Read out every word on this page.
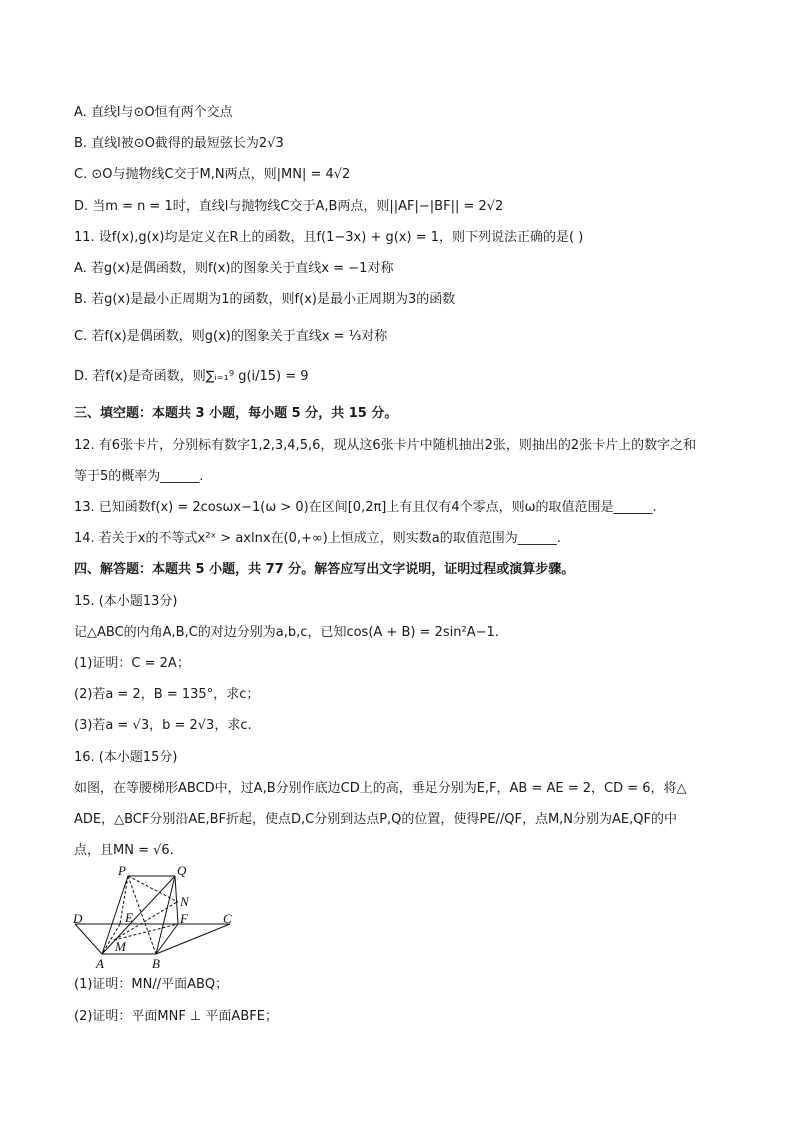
A. 直线l与⊙O恒有两个交点
B. 直线l被⊙O截得的最短弦长为2√3
C. ⊙O与抛物线C交于M,N两点，则|MN| = 4√2
D. 当m = n = 1时，直线l与抛物线C交于A,B两点，则||AF|−|BF|| = 2√2
11. 设f(x),g(x)均是定义在R上的函数，且f(1−3x) + g(x) = 1，则下列说法正确的是( )
A. 若g(x)是偶函数，则f(x)的图象关于直线x = −1对称
B. 若g(x)是最小正周期为1的函数，则f(x)是最小正周期为3的函数
C. 若f(x)是偶函数，则g(x)的图象关于直线x = ⅓对称
D. 若f(x)是奇函数，则∑ᵢ₌₁⁹ g(i/15) = 9
三、填空题：本题共 3 小题，每小题 5 分，共 15 分。
12. 有6张卡片，分别标有数字1,2,3,4,5,6，现从这6张卡片中随机抽出2张，则抽出的2张卡片上的数字之和
等于5的概率为______.
13. 已知函数f(x) = 2cosωx−1(ω > 0)在区间[0,2π]上有且仅有4个零点，则ω的取值范围是______.
14. 若关于x的不等式x²ˣ > axlnx在(0,+∞)上恒成立，则实数a的取值范围为______.
四、解答题：本题共 5 小题，共 77 分。解答应写出文字说明，证明过程或演算步骤。
15. (本小题13分)
记△ABC的内角A,B,C的对边分别为a,b,c，已知cos(A + B) = 2sin²A−1.
(1)证明：C = 2A；
(2)若a = 2，B = 135°，求c；
(3)若a = √3，b = 2√3，求c.
16. (本小题15分)
如图，在等腰梯形ABCD中，过A,B分别作底边CD上的高，垂足分别为E,F，AB = AE = 2，CD = 6，将△
ADE，△BCF分别沿AE,BF折起，使点D,C分别到达点P,Q的位置，使得PE//QF，点M,N分别为AE,QF的中
点，且MN = √6.
P	Q
N
E	F
D	C
M
A	B
(1)证明：MN//平面ABQ；
(2)证明：平面MNF ⊥ 平面ABFE；
